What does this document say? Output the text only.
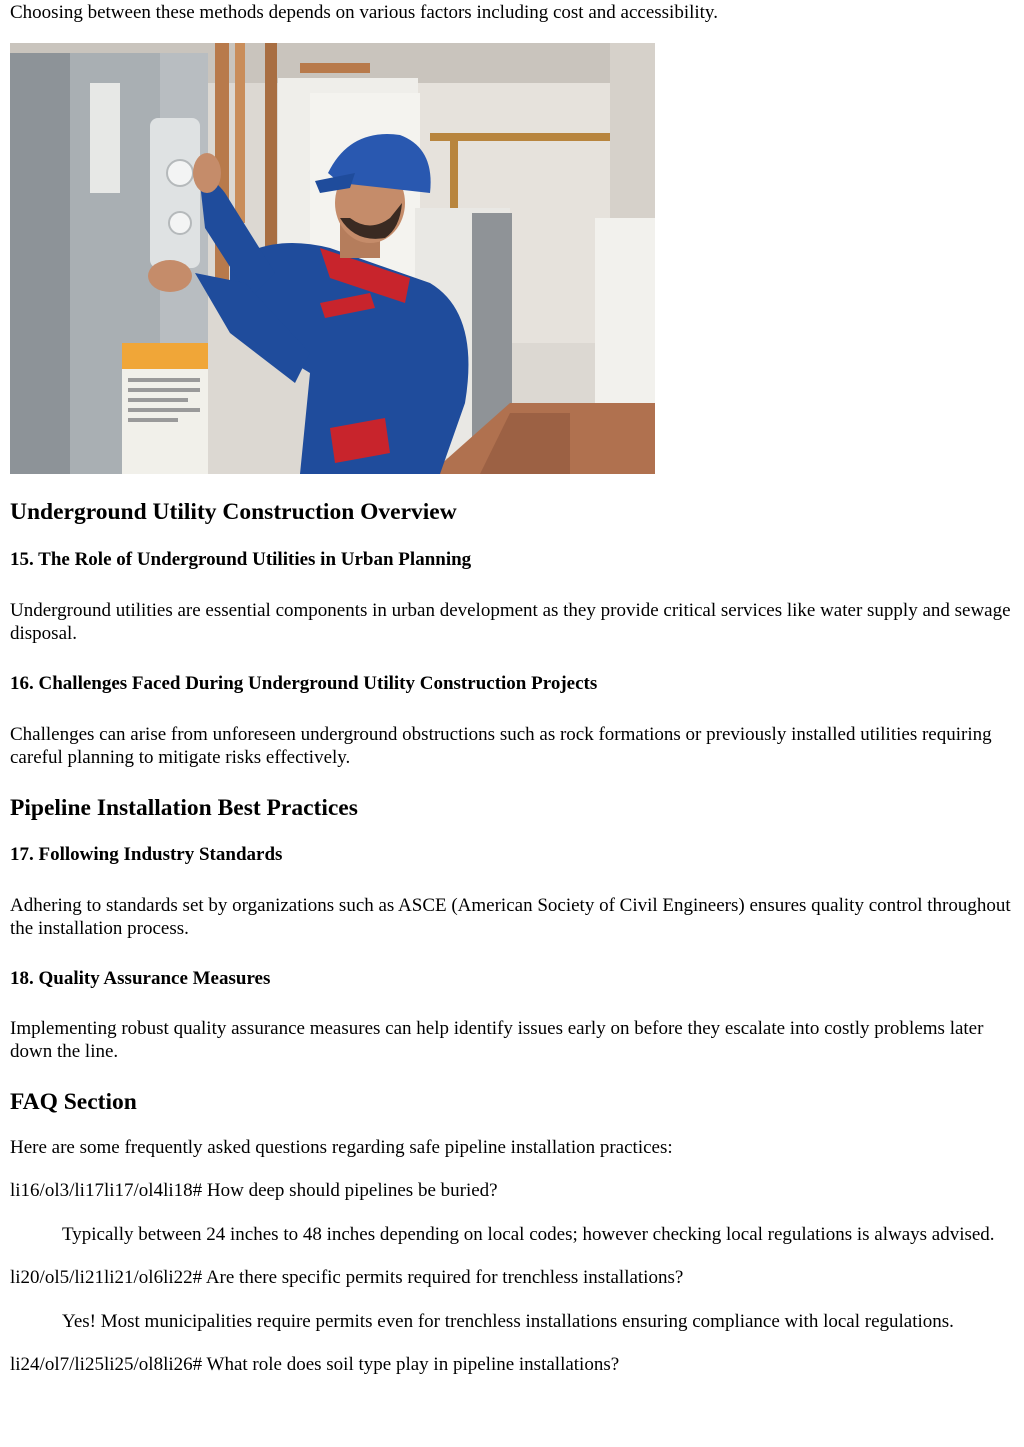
Choosing between these methods depends on various factors including cost and accessibility.

Underground Utility Construction Overview
15. The Role of Underground Utilities in Urban Planning

Underground utilities are essential components in urban development as they provide critical services like water supply and sewage disposal.

16. Challenges Faced During Underground Utility Construction Projects

Challenges can arise from unforeseen underground obstructions such as rock formations or previously installed utilities requiring careful planning to mitigate risks effectively.

Pipeline Installation Best Practices
17. Following Industry Standards

Adhering to standards set by organizations such as ASCE (American Society of Civil Engineers) ensures quality control throughout the installation process.

18. Quality Assurance Measures

Implementing robust quality assurance measures can help identify issues early on before they escalate into costly problems later down the line.

FAQ Section

Here are some frequently asked questions regarding safe pipeline installation practices:

li16/ol3/li17li17/ol4li18# How deep should pipelines be buried?

Typically between 24 inches to 48 inches depending on local codes; however checking local regulations is always advised.

li20/ol5/li21li21/ol6li22# Are there specific permits required for trenchless installations?

Yes! Most municipalities require permits even for trenchless installations ensuring compliance with local regulations.

li24/ol7/li25li25/ol8li26# What role does soil type play in pipeline installations?
